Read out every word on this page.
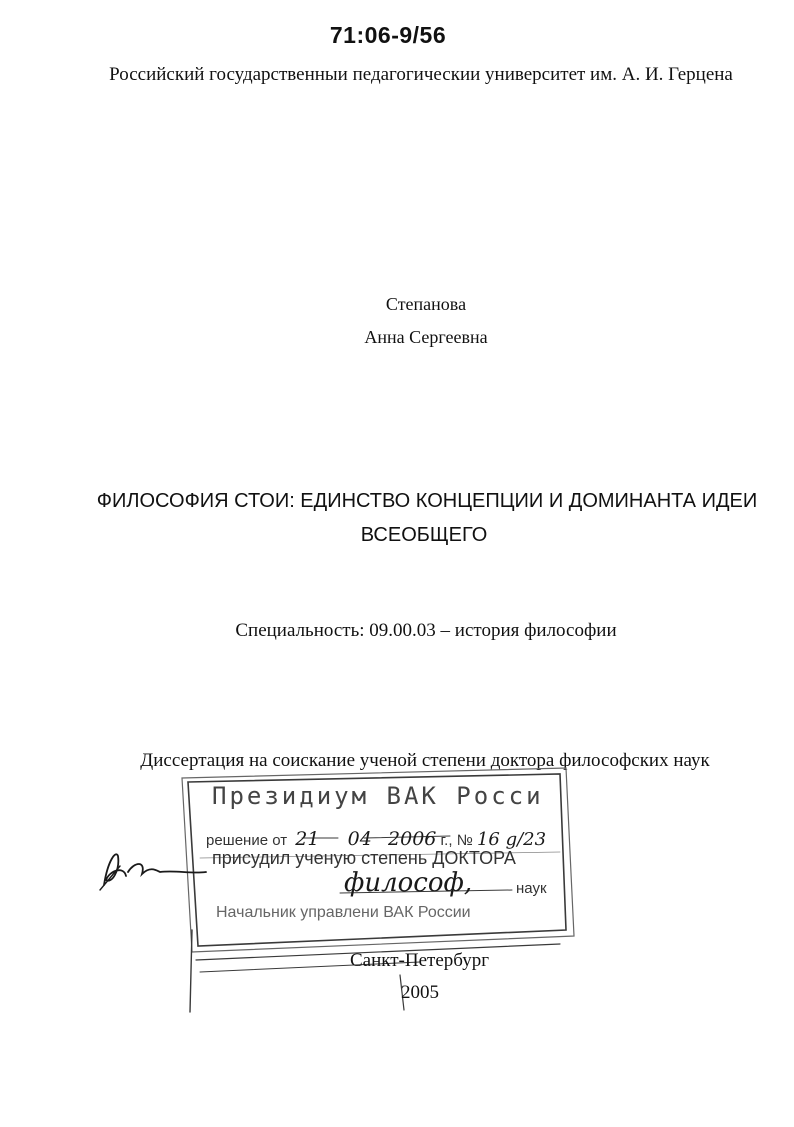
71:06-9/56
Российский государственныи педагогическии университет им. А. И. Герцена
Степанова
Анна Сергеевна
ФИЛОСОФИЯ СТОИ: ЕДИНСТВО КОНЦЕПЦИИ И ДОМИНАНТА ИДЕИ
ВСЕОБЩЕГО
Специальность: 09.00.03 – история философии
Диссертация на соискание ученой степени доктора философских наук
Президиум ВАК Росси
решение от 21 04 2006 г., № 16 g/23
присудил ученую степень ДОКТОРА
философ,	наук
Начальник управлени ВАК России
Санкт-Петербург
2005
